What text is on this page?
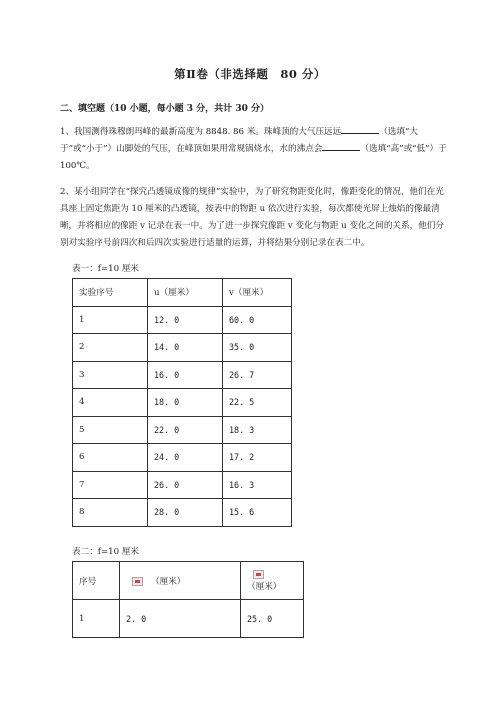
第Ⅱ卷（非选择题　80 分）
二、填空题（10 小题，每小题 3 分，共计 30 分）
1、我国测得珠穆朗玛峰的最新高度为 8848. 86 米。珠峰顶的大气压远远	（选填“大于”或“小于”）山脚处的气压，在峰顶如果用常规锅烧水，水的沸点会	（选填“高”或“低”）于 100℃。
2、某小组同学在“探究凸透镜成像的规律”实验中，为了研究物距变化时，像距变化的情况，他们在光具座上固定焦距为 10 厘米的凸透镜，按表中的物距 u 依次进行实验，每次都使光屏上烛焰的像最清晰，并将相应的像距 v 记录在表一中。为了进一步探究像距 v 变化与物距 u 变化之间的关系，他们分别对实验序号前四次和后四次实验进行适量的运算，并将结果分别记录在表二中。
表一：f=10 厘米
实验序号	u（厘米）	v（厘米）
1	12. 0	60. 0
2	14. 0	35. 0
3	16. 0	26. 7
4	18. 0	22. 5
5	22. 0	18. 3
6	24. 0	17. 2
7	26. 0	16. 3
8	28. 0	15. 6
表二：f=10 厘米
序号	（厘米）	（厘米）
1	2. 0	25. 0
